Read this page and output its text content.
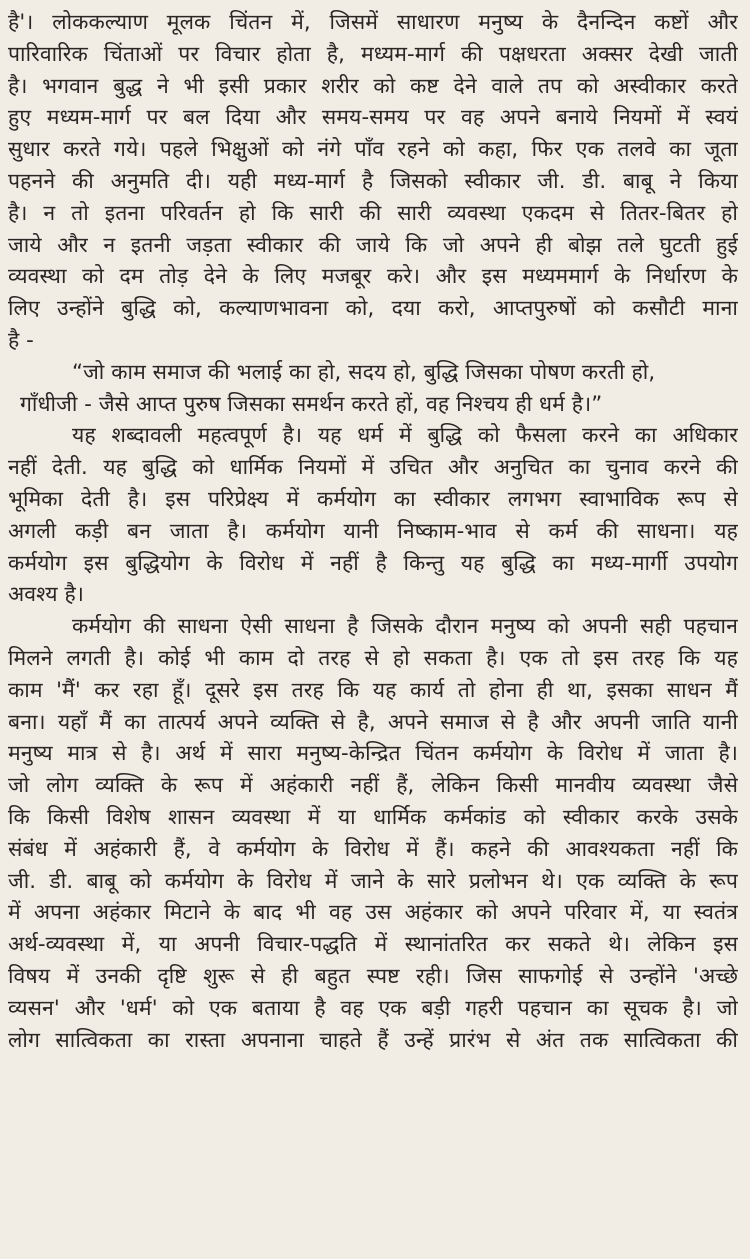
है'। लोककल्याण मूलक चिंतन में, जिसमें साधारण मनुष्य के दैनन्दिन कष्टों और
पारिवारिक चिंताओं पर विचार होता है, मध्यम-मार्ग की पक्षधरता अक्सर देखी जाती
है। भगवान बुद्ध ने भी इसी प्रकार शरीर को कष्ट देने वाले तप को अस्वीकार करते
हुए मध्यम-मार्ग पर बल दिया और समय-समय पर वह अपने बनाये नियमों में स्वयं
सुधार करते गये। पहले भिक्षुओं को नंगे पाँव रहने को कहा, फिर एक तलवे का जूता
पहनने की अनुमति दी। यही मध्य-मार्ग है जिसको स्वीकार जी. डी. बाबू ने किया
है। न तो इतना परिवर्तन हो कि सारी की सारी व्यवस्था एकदम से तितर-बितर हो
जाये और न इतनी जड़ता स्वीकार की जाये कि जो अपने ही बोझ तले घुटती हुई
व्यवस्था को दम तोड़ देने के लिए मजबूर करे। और इस मध्यममार्ग के निर्धारण के
लिए उन्होंने बुद्धि को, कल्याणभावना को, दया करो, आप्तपुरुषों को कसौटी माना
है -
“जो काम समाज की भलाई का हो, सदय हो, बुद्धि जिसका पोषण करती हो,
गाँधीजी - जैसे आप्त पुरुष जिसका समर्थन करते हों, वह निश्चय ही धर्म है।”
यह शब्दावली महत्वपूर्ण है। यह धर्म में बुद्धि को फैसला करने का अधिकार
नहीं देती. यह बुद्धि को धार्मिक नियमों में उचित और अनुचित का चुनाव करने की
भूमिका देती है। इस परिप्रेक्ष्य में कर्मयोग का स्वीकार लगभग स्वाभाविक रूप से
अगली कड़ी बन जाता है। कर्मयोग यानी निष्काम-भाव से कर्म की साधना। यह
कर्मयोग इस बुद्धियोग के विरोध में नहीं है किन्तु यह बुद्धि का मध्य-मार्गी उपयोग
अवश्य है।
कर्मयोग की साधना ऐसी साधना है जिसके दौरान मनुष्य को अपनी सही पहचान
मिलने लगती है। कोई भी काम दो तरह से हो सकता है। एक तो इस तरह कि यह
काम 'मैं' कर रहा हूँ। दूसरे इस तरह कि यह कार्य तो होना ही था, इसका साधन मैं
बना। यहाँ मैं का तात्पर्य अपने व्यक्ति से है, अपने समाज से है और अपनी जाति यानी
मनुष्य मात्र से है। अर्थ में सारा मनुष्य-केन्द्रित चिंतन कर्मयोग के विरोध में जाता है।
जो लोग व्यक्ति के रूप में अहंकारी नहीं हैं, लेकिन किसी मानवीय व्यवस्था जैसे
कि किसी विशेष शासन व्यवस्था में या धार्मिक कर्मकांड को स्वीकार करके उसके
संबंध में अहंकारी हैं, वे कर्मयोग के विरोध में हैं। कहने की आवश्यकता नहीं कि
जी. डी. बाबू को कर्मयोग के विरोध में जाने के सारे प्रलोभन थे। एक व्यक्ति के रूप
में अपना अहंकार मिटाने के बाद भी वह उस अहंकार को अपने परिवार में, या स्वतंत्र
अर्थ-व्यवस्था में, या अपनी विचार-पद्धति में स्थानांतरित कर सकते थे। लेकिन इस
विषय में उनकी दृष्टि शुरू से ही बहुत स्पष्ट रही। जिस साफगोई से उन्होंने 'अच्छे
व्यसन' और 'धर्म' को एक बताया है वह एक बड़ी गहरी पहचान का सूचक है। जो
लोग सात्विकता का रास्ता अपनाना चाहते हैं उन्हें प्रारंभ से अंत तक सात्विकता की
